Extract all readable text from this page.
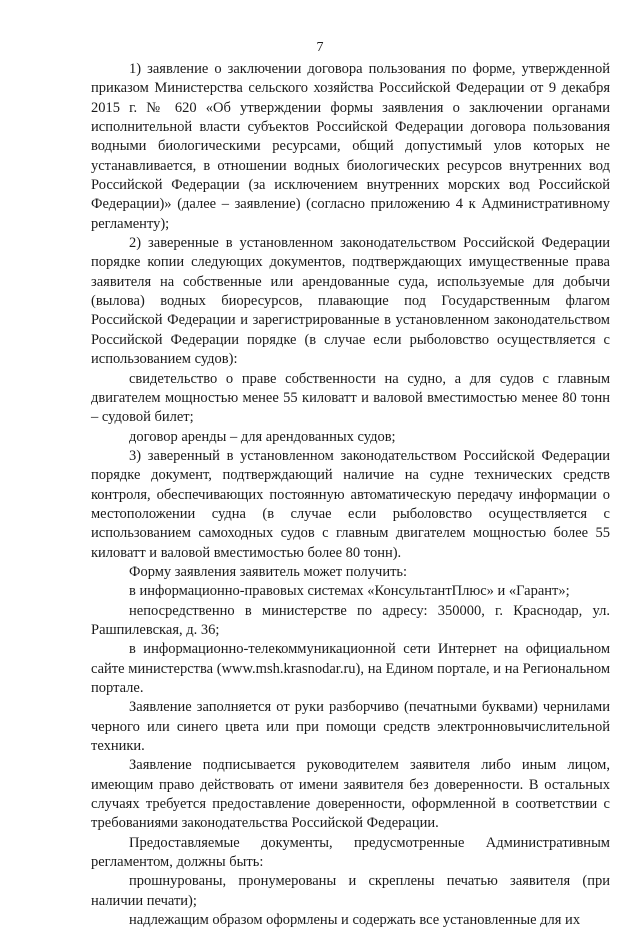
7

1) заявление о заключении договора пользования по форме, утвержденной приказом Министерства сельского хозяйства Российской Федерации от 9 декабря 2015 г. № 620 «Об утверждении формы заявления о заключении органами исполнительной власти субъектов Российской Федерации договора пользования водными биологическими ресурсами, общий допустимый улов которых не устанавливается, в отношении водных биологических ресурсов внутренних вод Российской Федерации (за исключением внутренних морских вод Российской Федерации)» (далее – заявление) (согласно приложению 4 к Административному регламенту);

2) заверенные в установленном законодательством Российской Федерации порядке копии следующих документов, подтверждающих имущественные права заявителя на собственные или арендованные суда, используемые для добычи (вылова) водных биоресурсов, плавающие под Государственным флагом Российской Федерации и зарегистрированные в установленном законодательством Российской Федерации порядке (в случае если рыболовство осуществляется с использованием судов):

свидетельство о праве собственности на судно, а для судов с главным двигателем мощностью менее 55 киловатт и валовой вместимостью менее 80 тонн – судовой билет;

договор аренды – для арендованных судов;

3) заверенный в установленном законодательством Российской Федерации порядке документ, подтверждающий наличие на судне технических средств контроля, обеспечивающих постоянную автоматическую передачу информации о местоположении судна (в случае если рыболовство осуществляется с использованием самоходных судов с главным двигателем мощностью более 55 киловатт и валовой вместимостью более 80 тонн).

Форму заявления заявитель может получить:

в информационно-правовых системах «КонсультантПлюс» и «Гарант»;

непосредственно в министерстве по адресу: 350000, г. Краснодар, ул. Рашпилевская, д. 36;

в информационно-телекоммуникационной сети Интернет на официальном сайте министерства (www.msh.krasnodar.ru), на Едином портале, и на Региональном портале.

Заявление заполняется от руки разборчиво (печатными буквами) чернилами черного или синего цвета или при помощи средств электронновычислительной техники.

Заявление подписывается руководителем заявителя либо иным лицом, имеющим право действовать от имени заявителя без доверенности. В остальных случаях требуется предоставление доверенности, оформленной в соответствии с требованиями законодательства Российской Федерации.

Предоставляемые документы, предусмотренные Административным регламентом, должны быть:

прошнурованы, пронумерованы и скреплены печатью заявителя (при наличии печати);

надлежащим образом оформлены и содержать все установленные для их
